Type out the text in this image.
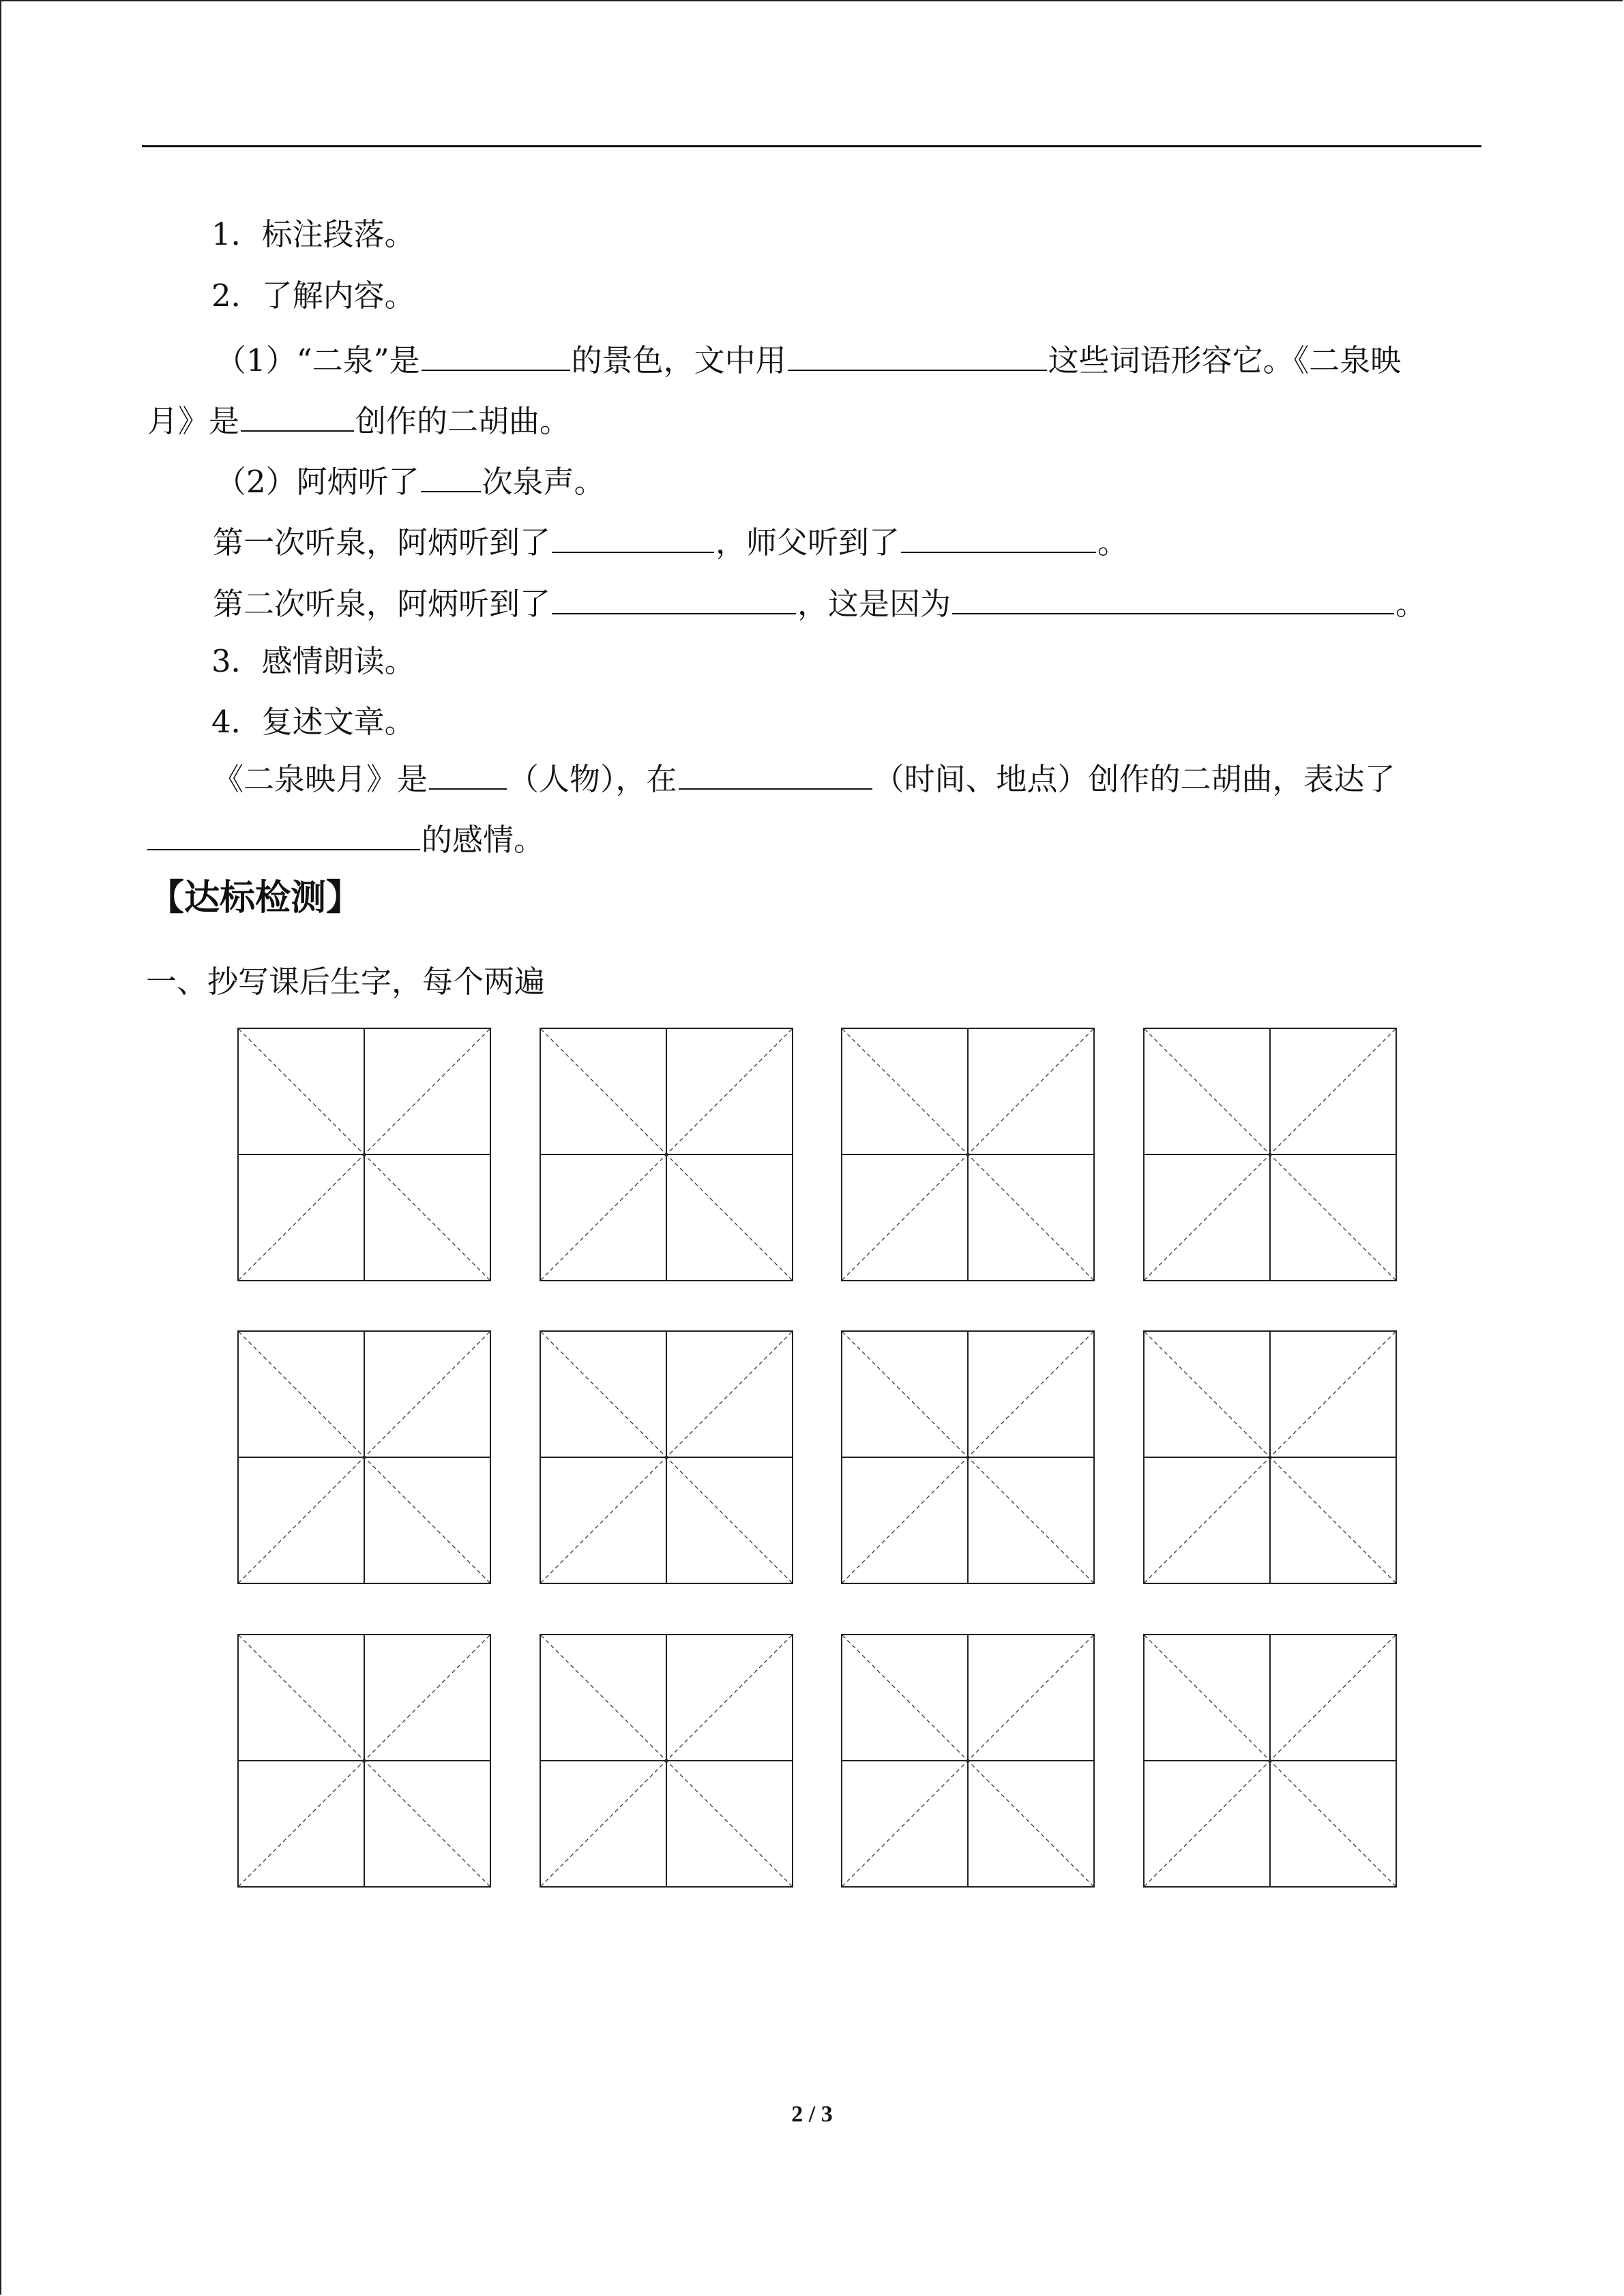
1．标注段落。
2．了解内容。
（1）“二泉”是	的景色，文中用	这些词语形容它。《二泉映
月》是	创作的二胡曲。
（2）阿炳听了 次泉声。
第一次听泉，阿炳听到了	，师父听到了	。
第二次听泉，阿炳听到了	，这是因为	。
3．感情朗读。
4．复述文章。
《二泉映月》是	（人物），在	（时间、地点）创作的二胡曲，表达了
的感情。
【达标检测】
一、抄写课后生字，每个两遍
2 / 3
